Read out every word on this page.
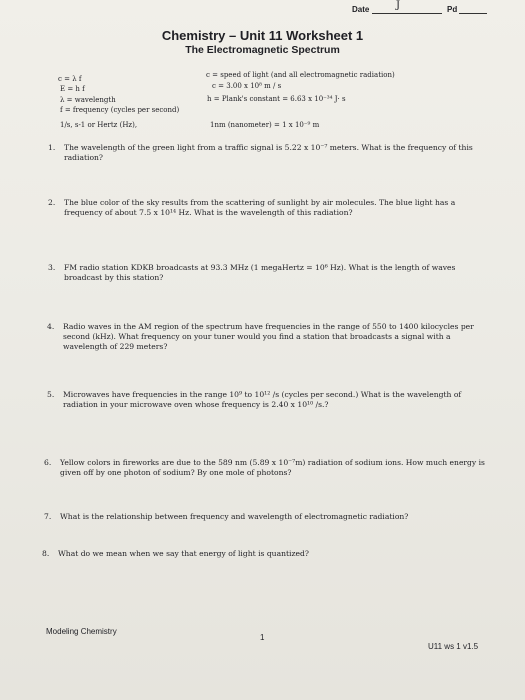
J
Date	Pd
Chemistry – Unit 11 Worksheet 1
The Electromagnetic Spectrum
c = λ f
E = h f
λ = wavelength
f = frequency (cycles per second)
1/s, s-1 or Hertz (Hz),
c = speed of light (and all electromagnetic radiation)
c = 3.00 x 10⁸ m / s
h = Plank's constant = 6.63 x 10⁻³⁴ J· s
1nm (nanometer) = 1 x 10⁻⁹ m
1. The wavelength of the green light from a traffic signal is 5.22 x 10⁻⁷ meters. What is the frequency of this radiation?
2. The blue color of the sky results from the scattering of sunlight by air molecules. The blue light has a frequency of about 7.5 x 10¹⁴ Hz. What is the wavelength of this radiation?
3. FM radio station KDKB broadcasts at 93.3 MHz (1 megaHertz = 10⁶ Hz). What is the length of waves broadcast by this station?
4. Radio waves in the AM region of the spectrum have frequencies in the range of 550 to 1400 kilocycles per second (kHz). What frequency on your tuner would you find a station that broadcasts a signal with a wavelength of 229 meters?
5. Microwaves have frequencies in the range 10⁹ to 10¹² /s (cycles per second.) What is the wavelength of radiation in your microwave oven whose frequency is 2.40 x 10¹⁰ /s.?
6. Yellow colors in fireworks are due to the 589 nm (5.89 x 10⁻⁷m) radiation of sodium ions. How much energy is given off by one photon of sodium? By one mole of photons?
7. What is the relationship between frequency and wavelength of electromagnetic radiation?
8. What do we mean when we say that energy of light is quantized?
Modeling Chemistry
1
U11 ws 1 v1.5
